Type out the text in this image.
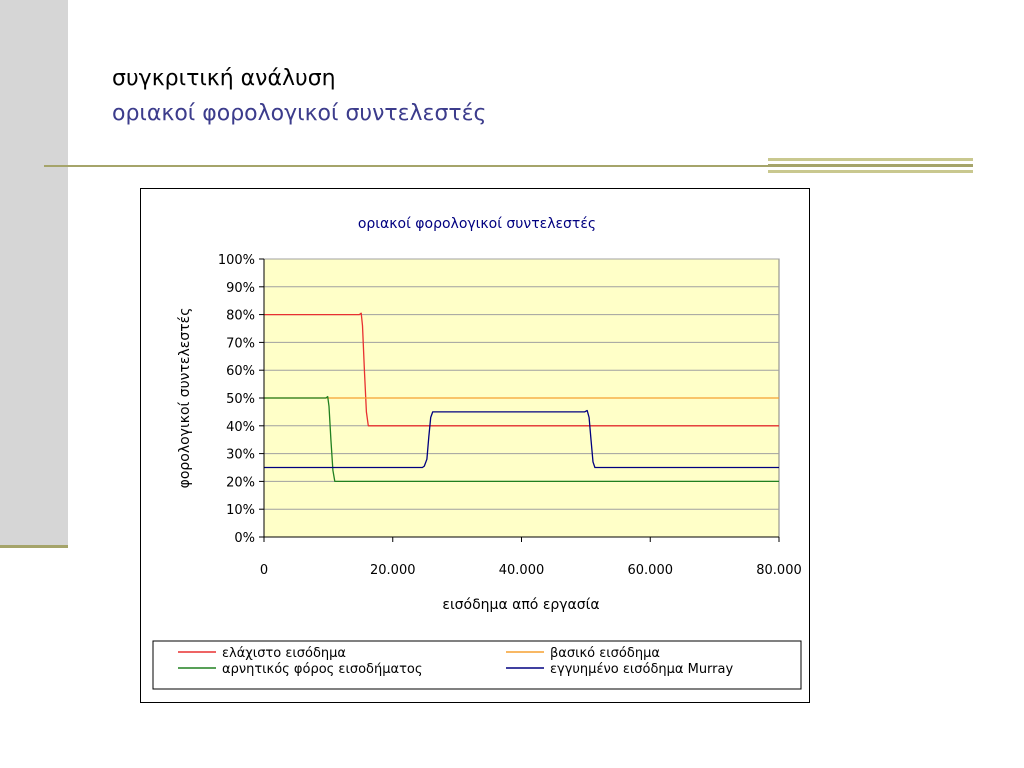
συγκριτική ανάλυση
οριακοί φορολογικοί συντελεστές
οριακοί φορολογικοί συντελεστές
0%
10%
20%
30%
40%
50%
60%
70%
80%
90%
100%
0	20.000	40.000	60.000	80.000
εισόδημα από εργασία
φορολογικοί συντελεστές
ελάχιστο εισόδημα	βασικό εισόδημα
αρνητικός φόρος εισοδήματος	εγγυημένο εισόδημα Murray
